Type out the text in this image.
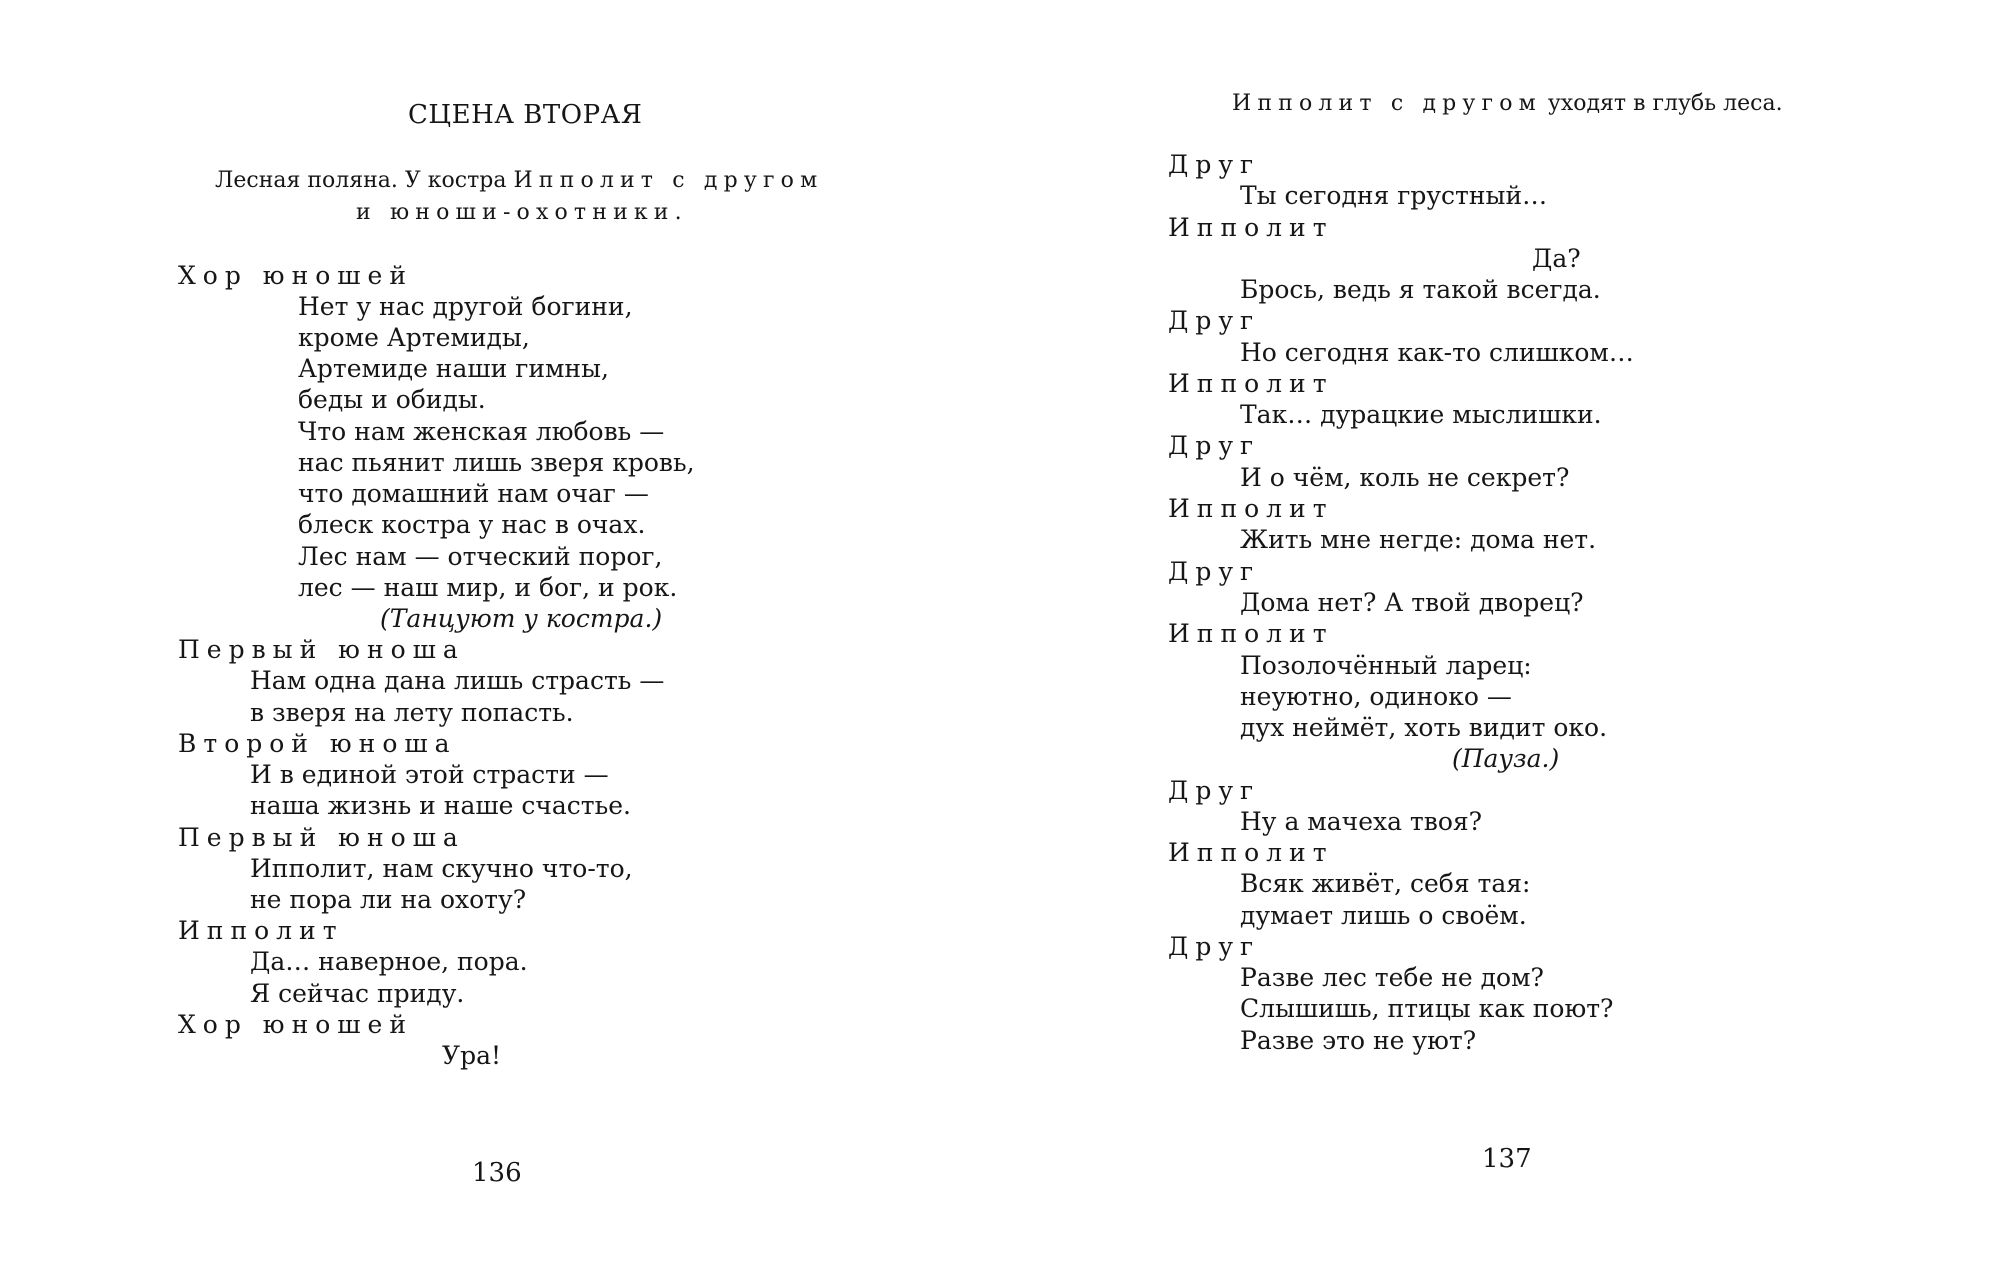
СЦЕНА ВТОРАЯ
Лесная поляна. У костра Ипполит с другом
и юноши-охотники.
Хор юношей
Нет у нас другой богини,
кроме Артемиды,
Артемиде наши гимны,
беды и обиды.
Что нам женская любовь —
нас пьянит лишь зверя кровь,
что домашний нам очаг —
блеск костра у нас в очах.
Лес нам — отческий порог,
лес — наш мир, и бог, и рок.
(Танцуют у костра.)
Первый юноша
Нам одна дана лишь страсть —
в зверя на лету попасть.
Второй юноша
И в единой этой страсти —
наша жизнь и наше счастье.
Первый юноша
Ипполит, нам скучно что-то,
не пора ли на охоту?
Ипполит
Да… наверное, пора.
Я сейчас приду.
Хор юношей
Ура!
136
Ипполит с другом уходят в глубь леса.
Друг
Ты сегодня грустный…
Ипполит
Да?
Брось, ведь я такой всегда.
Друг
Но сегодня как-то слишком…
Ипполит
Так… дурацкие мыслишки.
Друг
И о чём, коль не секрет?
Ипполит
Жить мне негде: дома нет.
Друг
Дома нет? А твой дворец?
Ипполит
Позолочённый ларец:
неуютно, одиноко —
дух неймёт, хоть видит око.
(Пауза.)
Друг
Ну а мачеха твоя?
Ипполит
Всяк живёт, себя тая:
думает лишь о своём.
Друг
Разве лес тебе не дом?
Слышишь, птицы как поют?
Разве это не уют?
137
